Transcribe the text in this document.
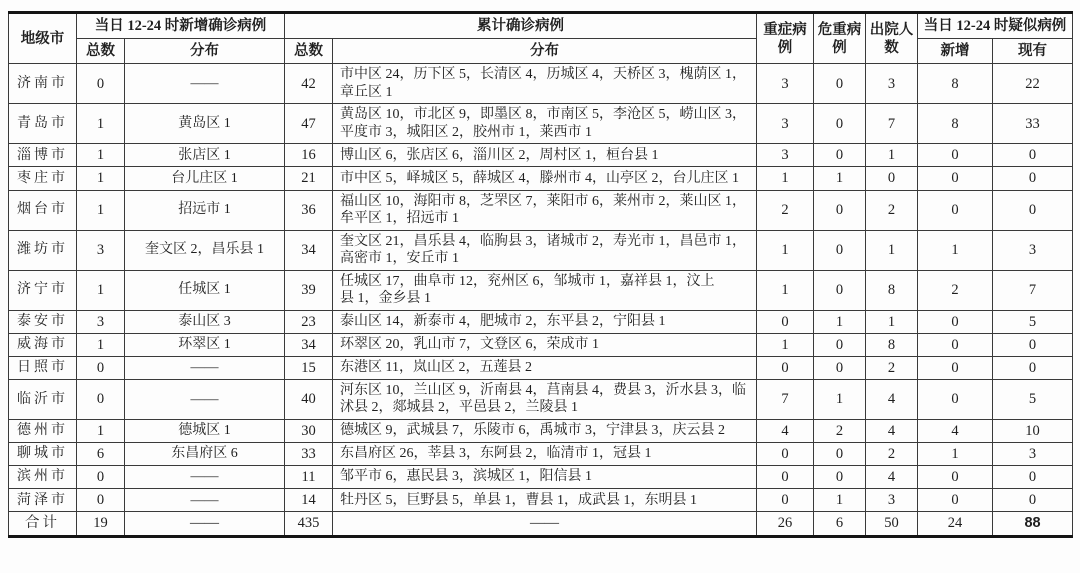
地级市	当日 12-24 时新增确诊病例		累计确诊病例		重症病例	危重病例	出院人数	当日 12-24 时疑似病例	
	总数	分布	总数	分布				新增	现有
济南市	0	——	42	市中区 24，历下区 5，长清区 4，历城区 4，天桥区 3，槐荫区 1，章丘区 1	3	0	3	8	22
青岛市	1	黄岛区 1	47	黄岛区 10，市北区 9，即墨区 8，市南区 5，李沧区 5，崂山区 3，平度市 3，城阳区 2，胶州市 1，莱西市 1	3	0	7	8	33
淄博市	1	张店区 1	16	博山区 6，张店区 6，淄川区 2，周村区 1，桓台县 1	3	0	1	0	0
枣庄市	1	台儿庄区 1	21	市中区 5，峄城区 5，薛城区 4，滕州市 4，山亭区 2，台儿庄区 1	1	1	0	0	0
烟台市	1	招远市 1	36	福山区 10，海阳市 8，芝罘区 7，莱阳市 6，莱州市 2，莱山区 1，牟平区 1，招远市 1	2	0	2	0	0
潍坊市	3	奎文区 2，昌乐县 1	34	奎文区 21，昌乐县 4，临朐县 3，诸城市 2，寿光市 1，昌邑市 1，高密市 1，安丘市 1	1	0	1	1	3
济宁市	1	任城区 1	39	任城区 17，曲阜市 12，兖州区 6，邹城市 1，嘉祥县 1，汶上县 1，金乡县 1	1	0	8	2	7
泰安市	3	泰山区 3	23	泰山区 14，新泰市 4，肥城市 2，东平县 2，宁阳县 1	0	1	1	0	5
威海市	1	环翠区 1	34	环翠区 20，乳山市 7，文登区 6，荣成市 1	1	0	8	0	0
日照市	0	——	15	东港区 11，岚山区 2，五莲县 2	0	0	2	0	0
临沂市	0	——	40	河东区 10，兰山区 9，沂南县 4，莒南县 4，费县 3，沂水县 3，临沭县 2，郯城县 2，平邑县 2，兰陵县 1	7	1	4	0	5
德州市	1	德城区 1	30	德城区 9，武城县 7，乐陵市 6，禹城市 3，宁津县 3，庆云县 2	4	2	4	4	10
聊城市	6	东昌府区 6	33	东昌府区 26，莘县 3，东阿县 2，临清市 1，冠县 1	0	0	2	1	3
滨州市	0	——	11	邹平市 6，惠民县 3，滨城区 1，阳信县 1	0	0	4	0	0
菏泽市	0	——	14	牡丹区 5，巨野县 5，单县 1，曹县 1，成武县 1，东明县 1	0	1	3	0	0
合计	19	——	435	——	26	6	50	24	88
